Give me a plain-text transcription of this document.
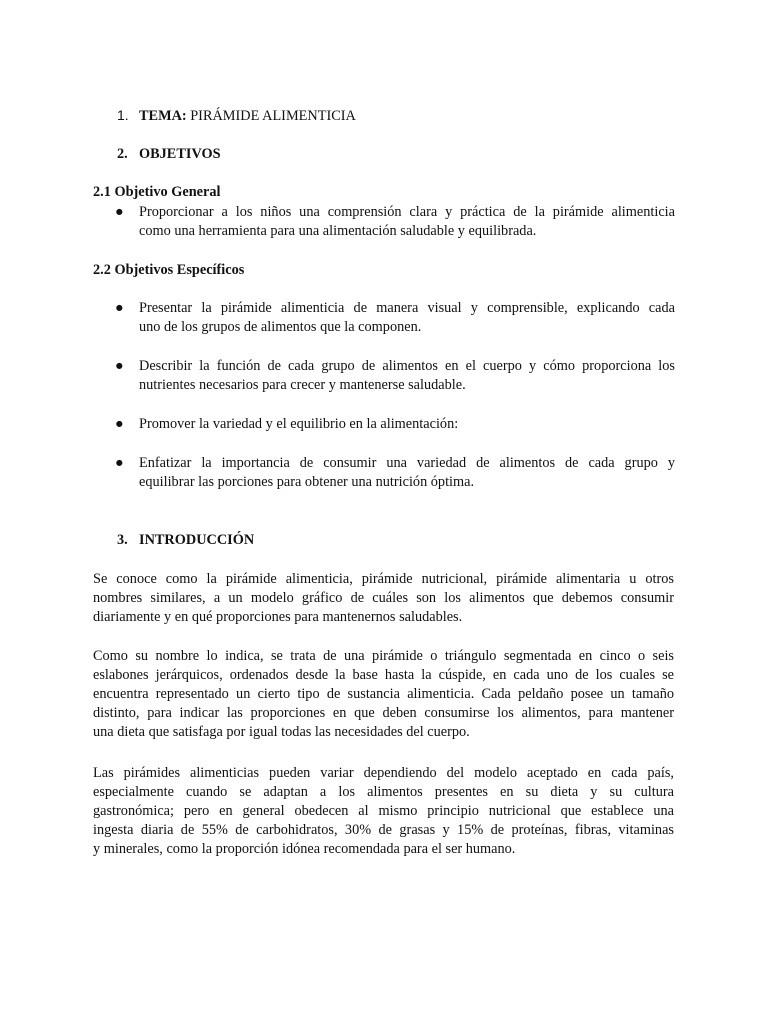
1. TEMA: PIRÁMIDE ALIMENTICIA
2. OBJETIVOS
2.1 Objetivo General
●	Proporcionar a los niños una comprensión clara y práctica de la pirámide alimenticia
como una herramienta para una alimentación saludable y equilibrada.
2.2 Objetivos Específicos
●	Presentar la pirámide alimenticia de manera visual y comprensible, explicando cada
uno de los grupos de alimentos que la componen.
●	Describir la función de cada grupo de alimentos en el cuerpo y cómo proporciona los
nutrientes necesarios para crecer y mantenerse saludable.
●	Promover la variedad y el equilibrio en la alimentación:
●	Enfatizar la importancia de consumir una variedad de alimentos de cada grupo y
equilibrar las porciones para obtener una nutrición óptima.
3. INTRODUCCIÓN
Se conoce como la pirámide alimenticia, pirámide nutricional, pirámide alimentaria u otros
nombres similares, a un modelo gráfico de cuáles son los alimentos que debemos consumir
diariamente y en qué proporciones para mantenernos saludables.
Como su nombre lo indica, se trata de una pirámide o triángulo segmentada en cinco o seis
eslabones jerárquicos, ordenados desde la base hasta la cúspide, en cada uno de los cuales se
encuentra representado un cierto tipo de sustancia alimenticia. Cada peldaño posee un tamaño
distinto, para indicar las proporciones en que deben consumirse los alimentos, para mantener
una dieta que satisfaga por igual todas las necesidades del cuerpo.
Las pirámides alimenticias pueden variar dependiendo del modelo aceptado en cada país,
especialmente cuando se adaptan a los alimentos presentes en su dieta y su cultura
gastronómica; pero en general obedecen al mismo principio nutricional que establece una
ingesta diaria de 55% de carbohidratos, 30% de grasas y 15% de proteínas, fibras, vitaminas
y minerales, como la proporción idónea recomendada para el ser humano.
